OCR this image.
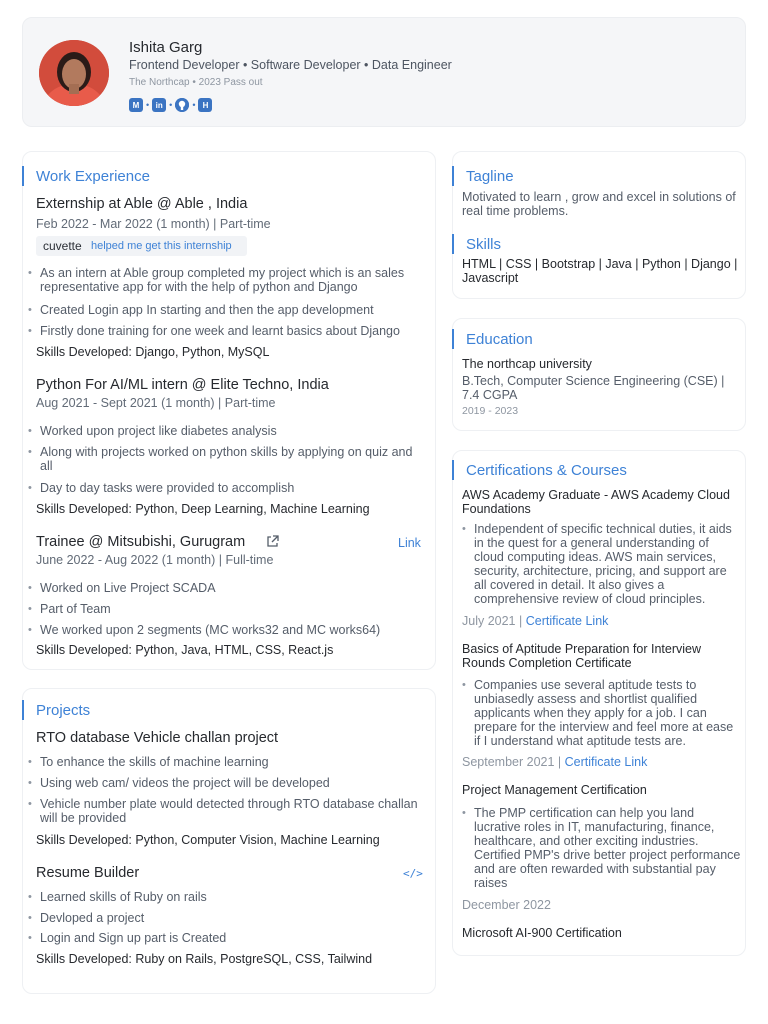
Ishita Garg
Frontend Developer • Software Developer • Data Engineer
The Northcap • 2023 Pass out
M • in • • H
Work Experience
Externship at Able @ Able , India
Feb 2022 - Mar 2022 (1 month) | Part-time
cuvette helped me get this internship
• As an intern at Able group completed my project which is an sales representative app for with the help of python and Django
• Created Login app In starting and then the app development
• Firstly done training for one week and learnt basics about Django
Skills Developed: Django, Python, MySQL
Python For AI/ML intern @ Elite Techno, India
Aug 2021 - Sept 2021 (1 month) | Part-time
• Worked upon project like diabetes analysis
• Along with projects worked on python skills by applying on quiz and all
• Day to day tasks were provided to accomplish
Skills Developed: Python, Deep Learning, Machine Learning
Trainee @ Mitsubishi, Gurugram	Link
June 2022 - Aug 2022 (1 month) | Full-time
• Worked on Live Project SCADA
• Part of Team
• We worked upon 2 segments (MC works32 and MC works64)
Skills Developed: Python, Java, HTML, CSS, React.js
Projects
RTO database Vehicle challan project
• To enhance the skills of machine learning
• Using web cam/ videos the project will be developed
• Vehicle number plate would detected through RTO database challan will be provided
Skills Developed: Python, Computer Vision, Machine Learning
Resume Builder	</>
• Learned skills of Ruby on rails
• Devloped a project
• Login and Sign up part is Created
Skills Developed: Ruby on Rails, PostgreSQL, CSS, Tailwind
Tagline
Motivated to learn , grow and excel in solutions of real time problems.
Skills
HTML | CSS | Bootstrap | Java | Python | Django | Javascript
Education
The northcap university
B.Tech, Computer Science Engineering (CSE) | 7.4 CGPA
2019 - 2023
Certifications & Courses
AWS Academy Graduate - AWS Academy Cloud Foundations
• Independent of specific technical duties, it aids in the quest for a general understanding of cloud computing ideas. AWS main services, security, architecture, pricing, and support are all covered in detail. It also gives a comprehensive review of cloud principles.
July 2021 | Certificate Link
Basics of Aptitude Preparation for Interview Rounds Completion Certificate
• Companies use several aptitude tests to unbiasedly assess and shortlist qualified applicants when they apply for a job. I can prepare for the interview and feel more at ease if I understand what aptitude tests are.
September 2021 | Certificate Link
Project Management Certification
• The PMP certification can help you land lucrative roles in IT, manufacturing, finance, healthcare, and other exciting industries. Certified PMP's drive better project performance and are often rewarded with substantial pay raises
December 2022
Microsoft AI-900 Certification
